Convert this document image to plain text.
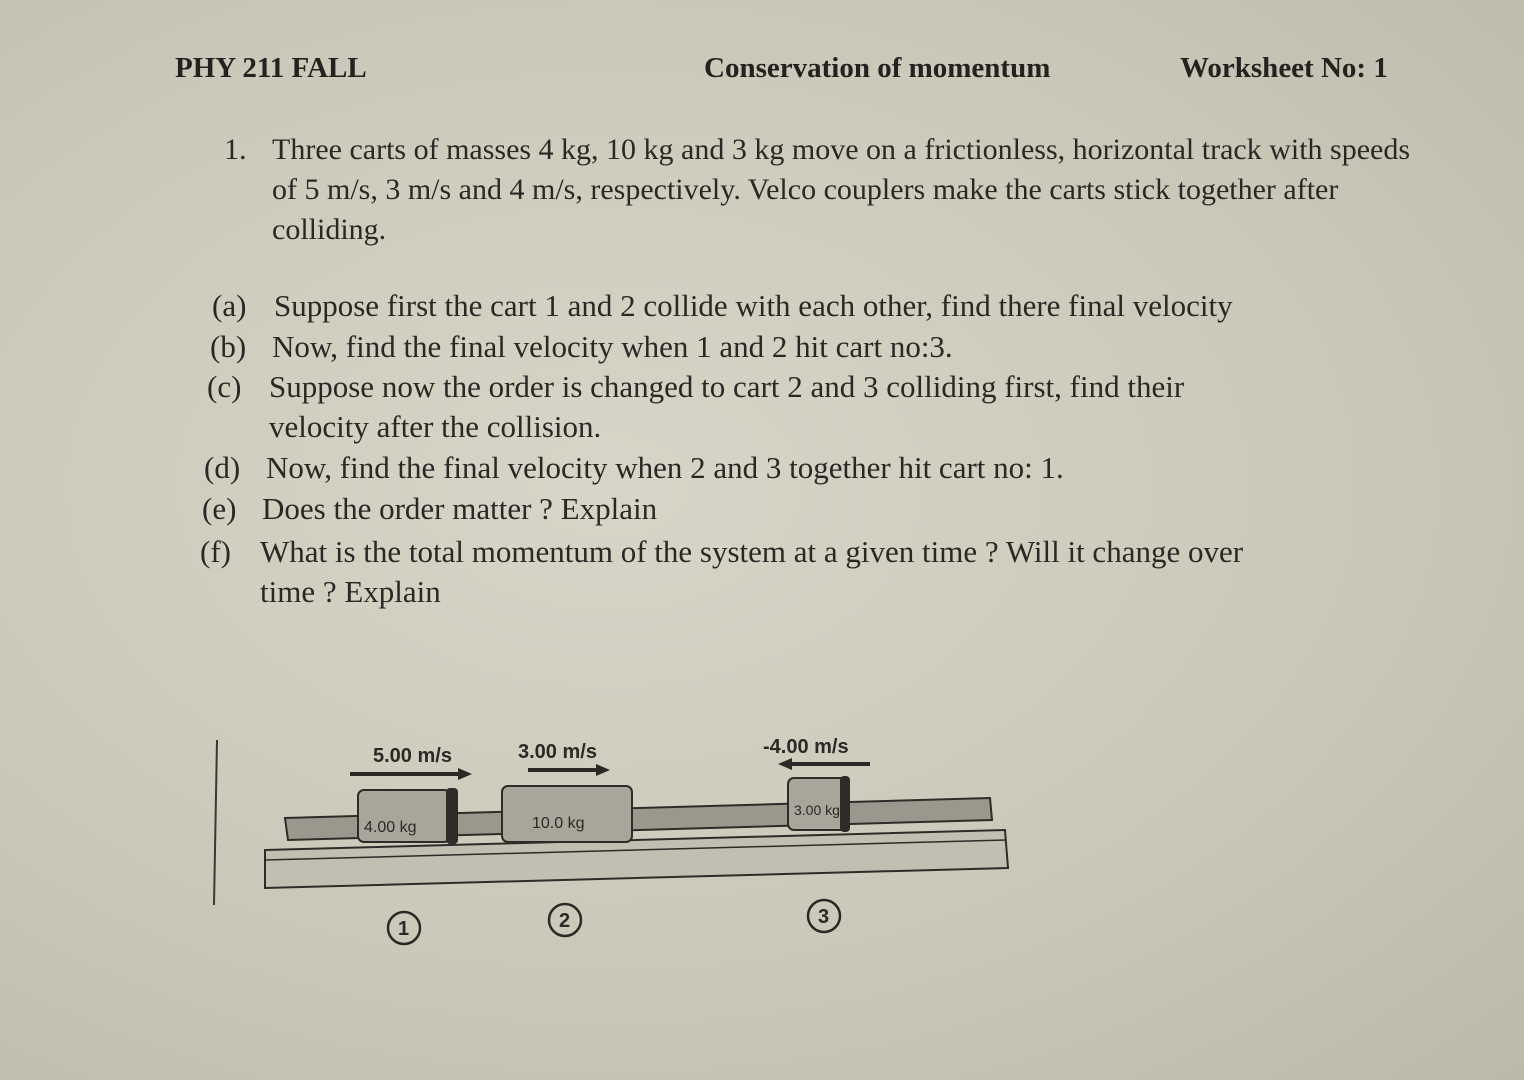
PHY 211 FALL	Conservation of momentum	Worksheet No: 1
1. Three carts of masses 4 kg, 10 kg and 3 kg move on a frictionless, horizontal track with speeds of 5 m/s, 3 m/s and 4 m/s, respectively. Velco couplers make the carts stick together after colliding.
(a) Suppose first the cart 1 and 2 collide with each other, find there final velocity
(b) Now, find the final velocity when 1 and 2 hit cart no:3.
(c) Suppose now the order is changed to cart 2 and 3 colliding first, find their
velocity after the collision.
(d) Now, find the final velocity when 2 and 3 together hit cart no: 1.
(e) Does the order matter ? Explain
(f) What is the total momentum of the system at a given time ? Will it change over
time ? Explain
5.00 m/s	3.00 m/s	-4.00 m/s
4.00 kg	10.0 kg
3.00 kg
1	2	3
